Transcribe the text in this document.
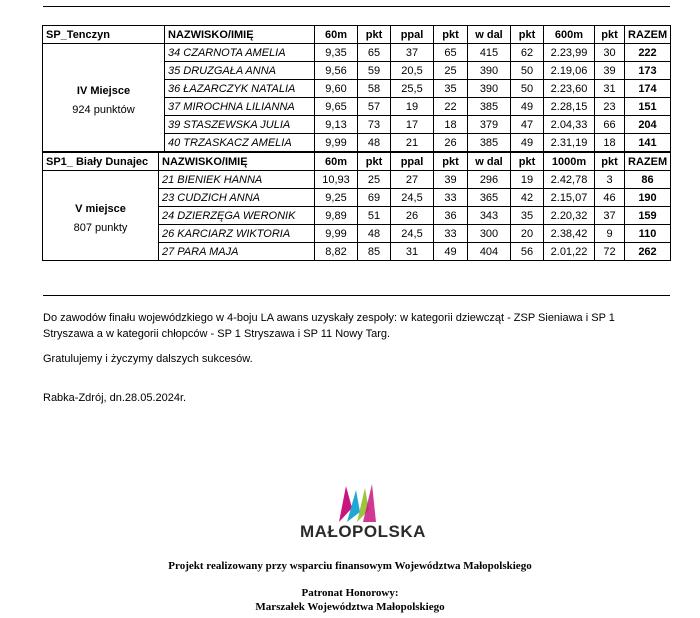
SP_Tenczyn	NAZWISKO/IMIĘ	60m	pkt	ppal	pkt	w dal	pkt	600m	pkt	RAZEM

IV Miejsce
924 punktów	34 CZARNOTA AMELIA	9,35	65	37	65	415	62	2.23,99	30	222
	35 DRUZGAŁA ANNA	9,56	59	20,5	25	390	50	2.19,06	39	173
	36 ŁAZARCZYK NATALIA	9,60	58	25,5	35	390	50	2.23,60	31	174
	37 MIROCHNA LILIANNA	9,65	57	19	22	385	49	2.28,15	23	151
	39 STASZEWSKA JULIA	9,13	73	17	18	379	47	2.04,33	66	204
	40 TRZASKACZ AMELIA	9,99	48	21	26	385	49	2.31,19	18	141
SP1_ Biały Dunajec	NAZWISKO/IMIĘ	60m	pkt	ppal	pkt	w dal	pkt	1000m	pkt	RAZEM

V miejsce
807 punkty	21 BIENIEK HANNA	10,93	25	27	39	296	19	2.42,78	3	86
	23 CUDZICH ANNA	9,25	69	24,5	33	365	42	2.15,07	46	190
	24 DZIERZĘGA WERONIK	9,89	51	26	36	343	35	2.20,32	37	159
	26 KARCIARZ WIKTORIA	9,99	48	24,5	33	300	20	2.38,42	9	110
	27 PARA MAJA	8,82	85	31	49	404	56	2.01,22	72	262
Do zawodów finału wojewódzkiego w 4-boju LA awans uzyskały zespoły: w kategorii dziewcząt - ZSP Sieniawa i SP 1
Stryszawa a w kategorii chłopców - SP 1 Stryszawa i SP 11 Nowy Targ.
Gratulujemy i życzymy dalszych sukcesów.
Rabka-Zdrój, dn.28.05.2024r.
MAŁOPOLSKA
Projekt realizowany przy wsparciu finansowym Województwa Małopolskiego
Patronat Honorowy:
Marszałek Województwa Małopolskiego
